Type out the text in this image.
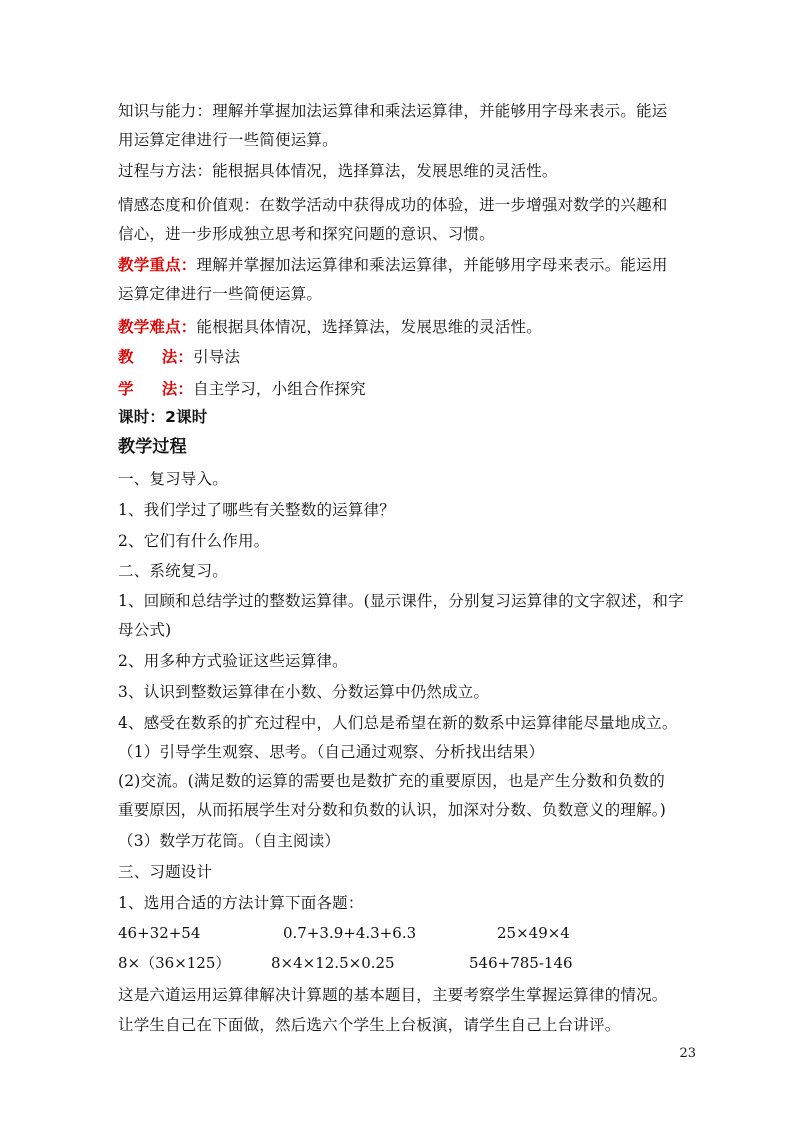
知识与能力：理解并掌握加法运算律和乘法运算律，并能够用字母来表示。能运
用运算定律进行一些简便运算。
过程与方法：能根据具体情况，选择算法，发展思维的灵活性。
情感态度和价值观：在数学活动中获得成功的体验，进一步增强对数学的兴趣和
信心，进一步形成独立思考和探究问题的意识、习惯。
教学重点：理解并掌握加法运算律和乘法运算律，并能够用字母来表示。能运用
运算定律进行一些简便运算。
教学难点：能根据具体情况，选择算法，发展思维的灵活性。
教 法：引导法
学 法：自主学习，小组合作探究
课时：2课时
教学过程
一、复习导入。
1、我们学过了哪些有关整数的运算律？
2、它们有什么作用。
二、系统复习。
1、回顾和总结学过的整数运算律。(显示课件，分别复习运算律的文字叙述，和字
母公式)
2、用多种方式验证这些运算律。
3、认识到整数运算律在小数、分数运算中仍然成立。
4、感受在数系的扩充过程中，人们总是希望在新的数系中运算律能尽量地成立。
（1）引导学生观察、思考。（自己通过观察、分析找出结果）
(2)交流。(满足数的运算的需要也是数扩充的重要原因，也是产生分数和负数的
重要原因，从而拓展学生对分数和负数的认识，加深对分数、负数意义的理解。)
（3）数学万花筒。（自主阅读）
三、习题设计
1、选用合适的方法计算下面各题：
46+32+54	0.7+3.9+4.3+6.3	25×49×4
8×（36×125）	8×4×12.5×0.25	546+785-146
这是六道运用运算律解决计算题的基本题目，主要考察学生掌握运算律的情况。
让学生自己在下面做，然后选六个学生上台板演，请学生自己上台讲评。
23
